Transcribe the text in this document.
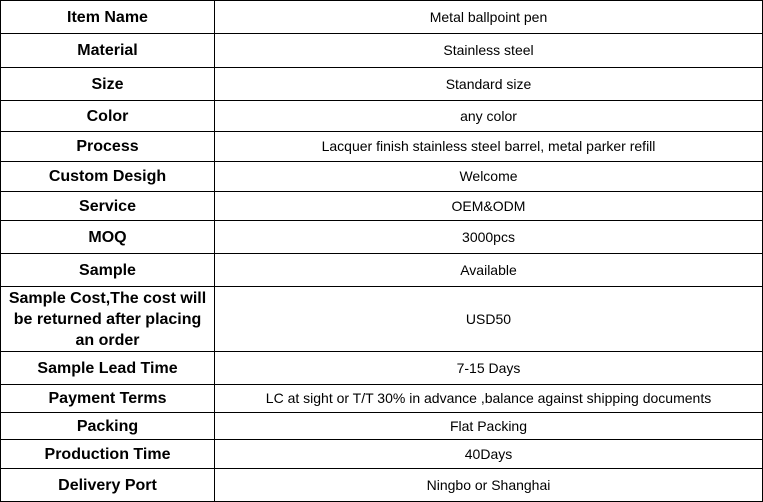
Item Name	Metal ballpoint pen
Material	Stainless steel
Size	Standard size
Color	any color
Process	Lacquer finish stainless steel barrel, metal parker refill
Custom Desigh	Welcome
Service	OEM&ODM
MOQ	3000pcs
Sample	Available
Sample Cost,The cost will be returned after placing an order	USD50
Sample Lead Time	7-15 Days
Payment Terms	LC at sight or T/T 30% in advance ,balance against shipping documents
Packing	Flat Packing
Production Time	40Days
Delivery Port	Ningbo or Shanghai
